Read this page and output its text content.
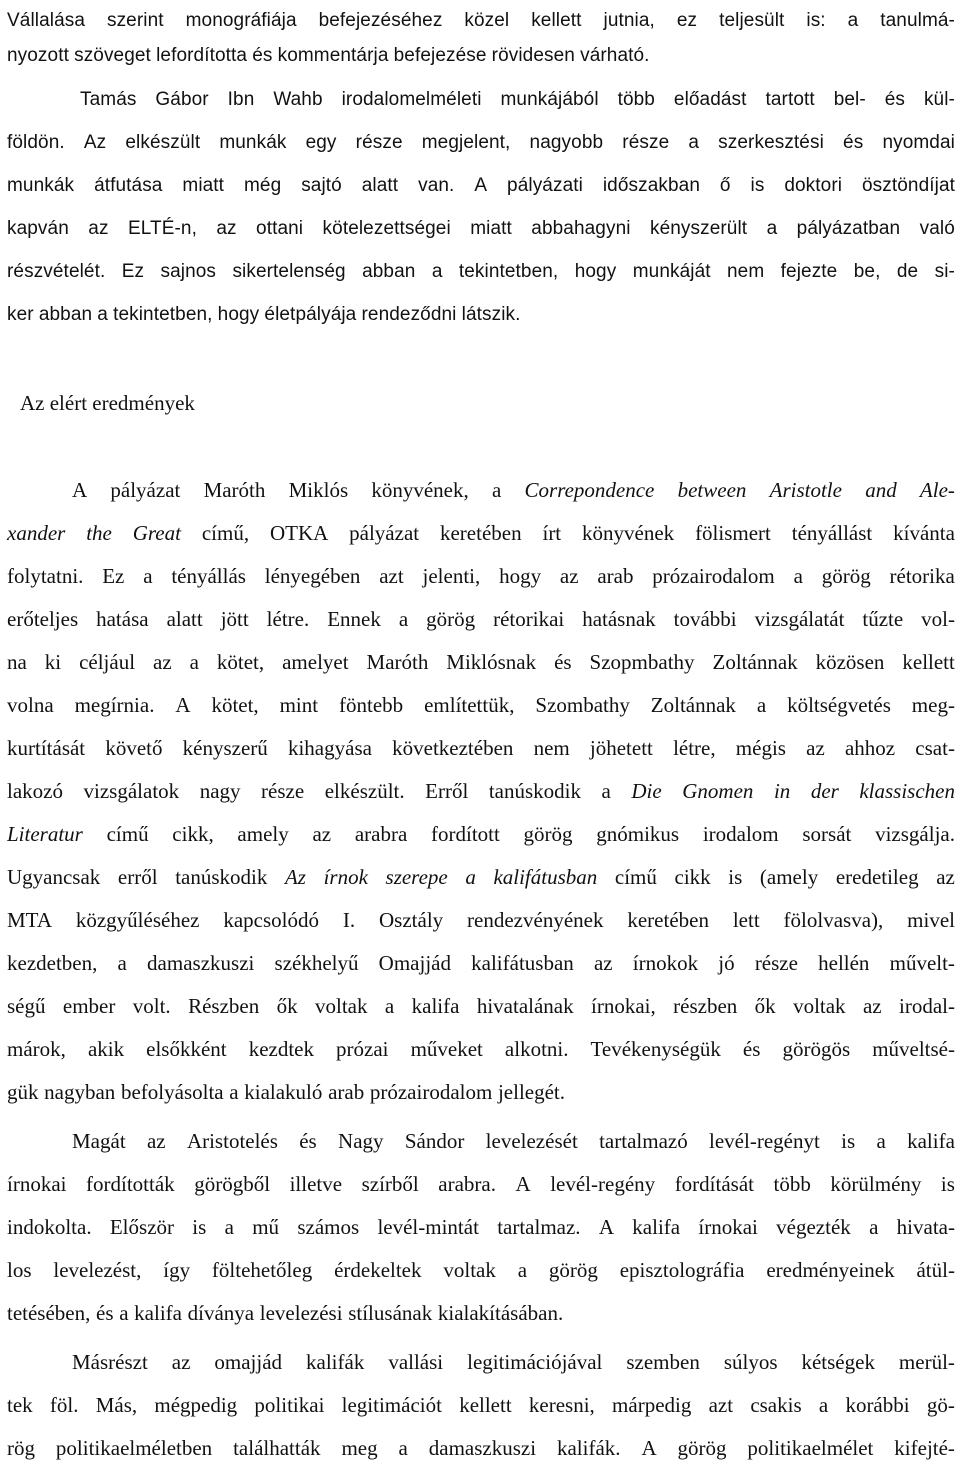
Vállalása szerint monográfiája befejezéséhez közel kellett jutnia, ez teljesült is: a tanulmá-
nyozott szöveget lefordította és kommentárja befejezése rövidesen várható.
Tamás Gábor Ibn Wahb irodalomelméleti munkájából több előadást tartott bel- és kül-
földön. Az elkészült munkák egy része megjelent, nagyobb része a szerkesztési és nyomdai
munkák átfutása miatt még sajtó alatt van. A pályázati időszakban ő is doktori ösztöndíjat
kapván az ELTÉ-n, az ottani kötelezettségei miatt abbahagyni kényszerült a pályázatban való
részvételét. Ez sajnos sikertelenség abban a tekintetben, hogy munkáját nem fejezte be, de si-
ker abban a tekintetben, hogy életpályája rendeződni látszik.
Az elért eredmények
A pályázat Maróth Miklós könyvének, a Correpondence between Aristotle and Ale-
xander the Great című, OTKA pályázat keretében írt könyvének fölismert tényállást kívánta
folytatni. Ez a tényállás lényegében azt jelenti, hogy az arab prózairodalom a görög rétorika
erőteljes hatása alatt jött létre. Ennek a görög rétorikai hatásnak további vizsgálatát tűzte vol-
na ki céljául az a kötet, amelyet Maróth Miklósnak és Szopmbathy Zoltánnak közösen kellett
volna megírnia. A kötet, mint föntebb említettük, Szombathy Zoltánnak a költségvetés meg-
kurtítását követő kényszerű kihagyása következtében nem jöhetett létre, mégis az ahhoz csat-
lakozó vizsgálatok nagy része elkészült. Erről tanúskodik a Die Gnomen in der klassischen
Literatur című cikk, amely az arabra fordított görög gnómikus irodalom sorsát vizsgálja.
Ugyancsak erről tanúskodik Az írnok szerepe a kalifátusban című cikk is (amely eredetileg az
MTA közgyűléséhez kapcsolódó I. Osztály rendezvényének keretében lett fölolvasva), mivel
kezdetben, a damaszkuszi székhelyű Omajjád kalifátusban az írnokok jó része hellén művelt-
ségű ember volt. Részben ők voltak a kalifa hivatalának írnokai, részben ők voltak az irodal-
márok, akik elsőkként kezdtek prózai műveket alkotni. Tevékenységük és görögös műveltsé-
gük nagyban befolyásolta a kialakuló arab prózairodalom jellegét.
Magát az Aristotelés és Nagy Sándor levelezését tartalmazó levél-regényt is a kalifa
írnokai fordították görögből illetve szírből arabra. A levél-regény fordítását több körülmény is
indokolta. Először is a mű számos levél-mintát tartalmaz. A kalifa írnokai végezték a hivata-
los levelezést, így föltehetőleg érdekeltek voltak a görög episztolográfia eredményeinek átül-
tetésében, és a kalifa díványa levelezési stílusának kialakításában.
Másrészt az omajjád kalifák vallási legitimációjával szemben súlyos kétségek merül-
tek föl. Más, mégpedig politikai legitimációt kellett keresni, márpedig azt csakis a korábbi gö-
rög politikaelméletben találhatták meg a damaszkuszi kalifák. A görög politikaelmélet kifejté-
